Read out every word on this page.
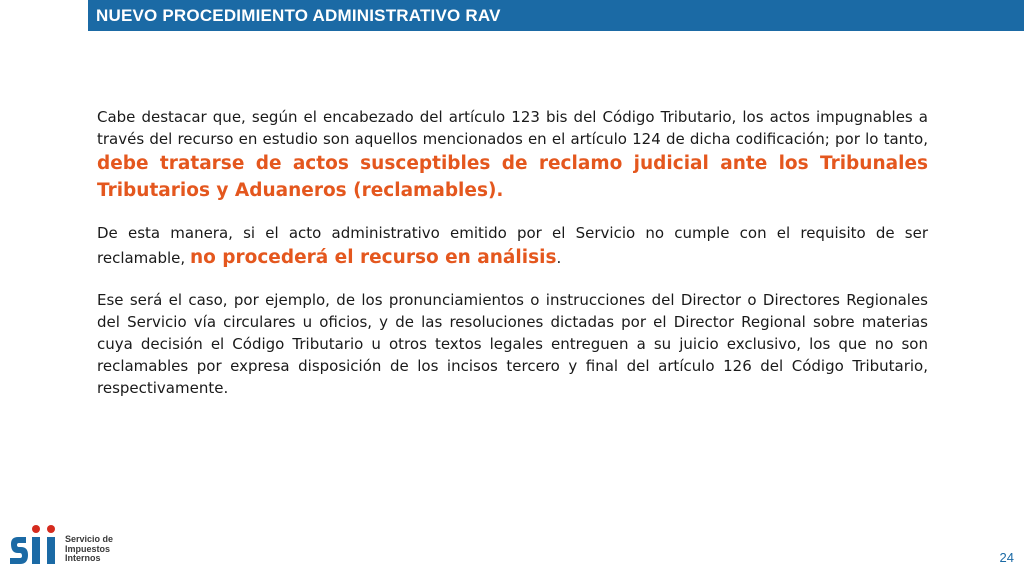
NUEVO PROCEDIMIENTO ADMINISTRATIVO RAV

Cabe destacar que, según el encabezado del artículo 123 bis del Código Tributario, los actos impugnables a través del recurso en estudio son aquellos mencionados en el artículo 124 de dicha codificación; por lo tanto, debe tratarse de actos susceptibles de reclamo judicial ante los Tribunales Tributarios y Aduaneros (reclamables).

De esta manera, si el acto administrativo emitido por el Servicio no cumple con el requisito de ser reclamable, no procederá el recurso en análisis.

Ese será el caso, por ejemplo, de los pronunciamientos o instrucciones del Director o Directores Regionales del Servicio vía circulares u oficios, y de las resoluciones dictadas por el Director Regional sobre materias cuya decisión el Código Tributario u otros textos legales entreguen a su juicio exclusivo, los que no son reclamables por expresa disposición de los incisos tercero y final del artículo 126 del Código Tributario, respectivamente.

Servicio de
Impuestos
Internos	24
